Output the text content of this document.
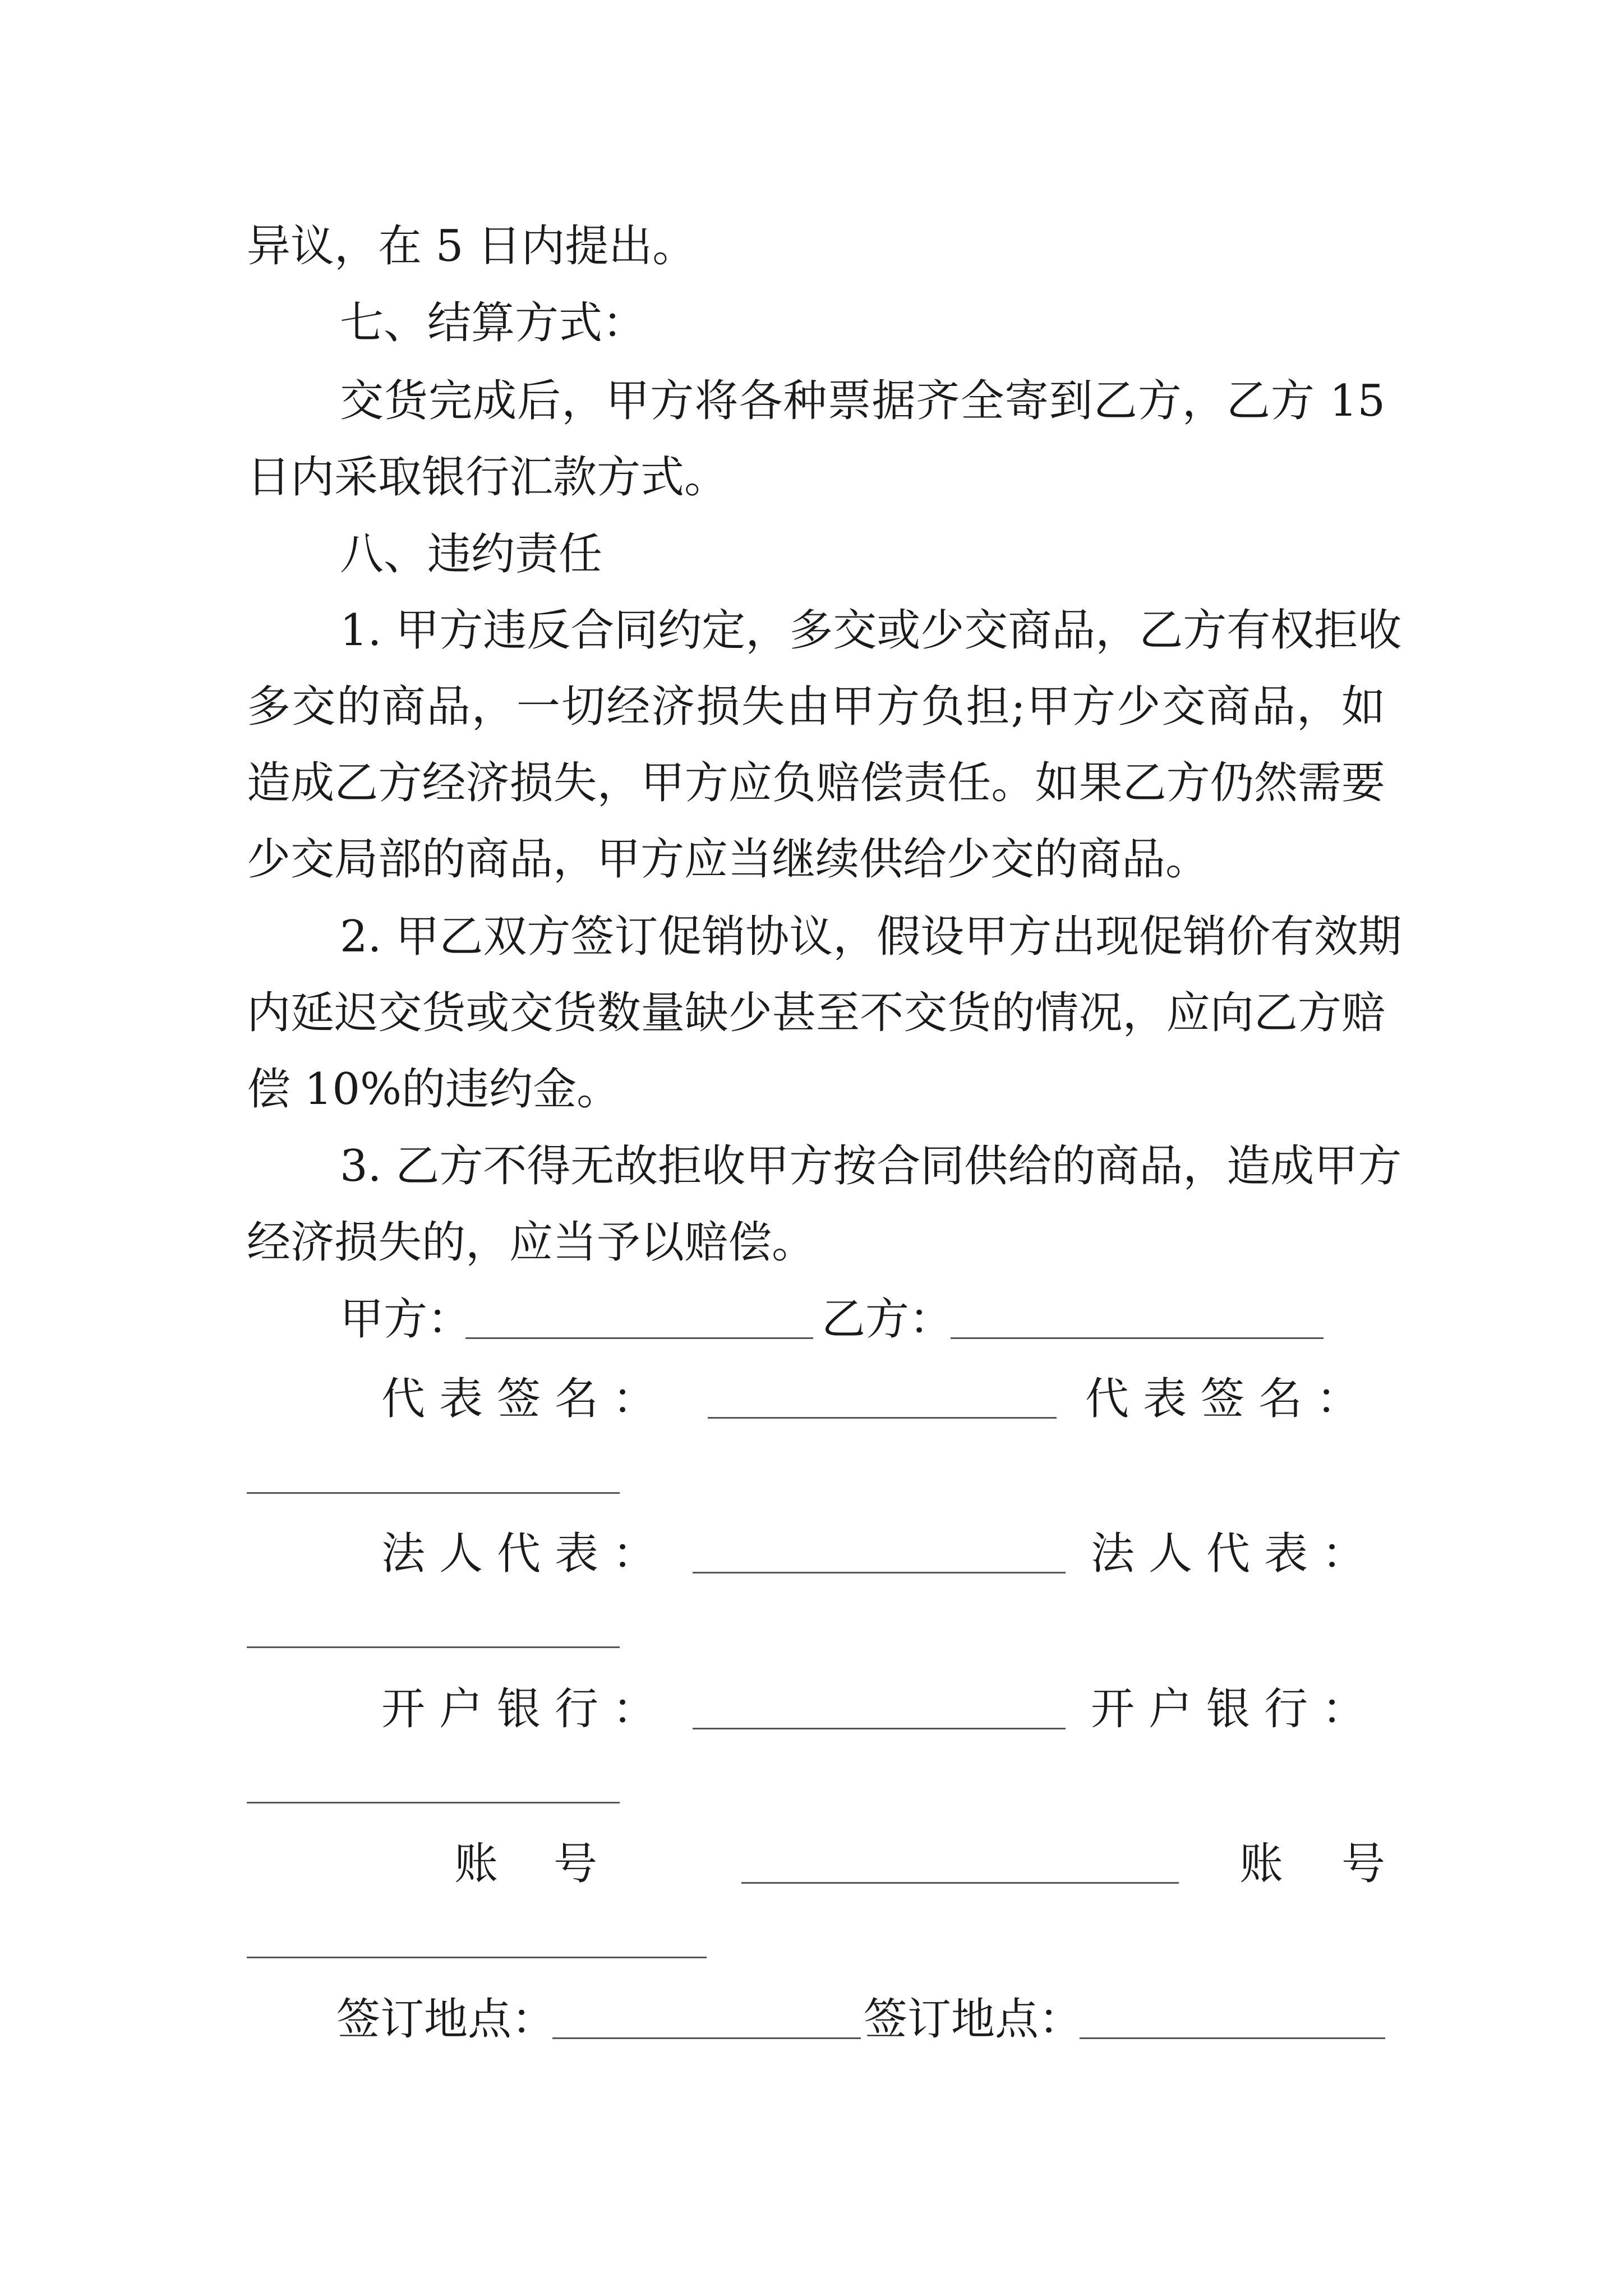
异议，在 5 日内提出。
七、结算方式：
交货完成后，甲方将各种票据齐全寄到乙方，乙方 15
日内采取银行汇款方式。
八、违约责任
1. 甲方违反合同约定，多交或少交商品，乙方有权拒收
多交的商品，一切经济损失由甲方负担;甲方少交商品，如
造成乙方经济损失，甲方应负赔偿责任。如果乙方仍然需要
少交局部的商品，甲方应当继续供给少交的商品。
2. 甲乙双方签订促销协议，假设甲方出现促销价有效期
内延迟交货或交货数量缺少甚至不交货的情况，应向乙方赔
偿 10%的违约金。
3. 乙方不得无故拒收甲方按合同供给的商品，造成甲方
经济损失的，应当予以赔偿。
甲方：	乙方：
代表签名：	代表签名：
法人代表：	法人代表：
开户银行：	开户银行：
账号	账号
签订地点：	签订地点：
